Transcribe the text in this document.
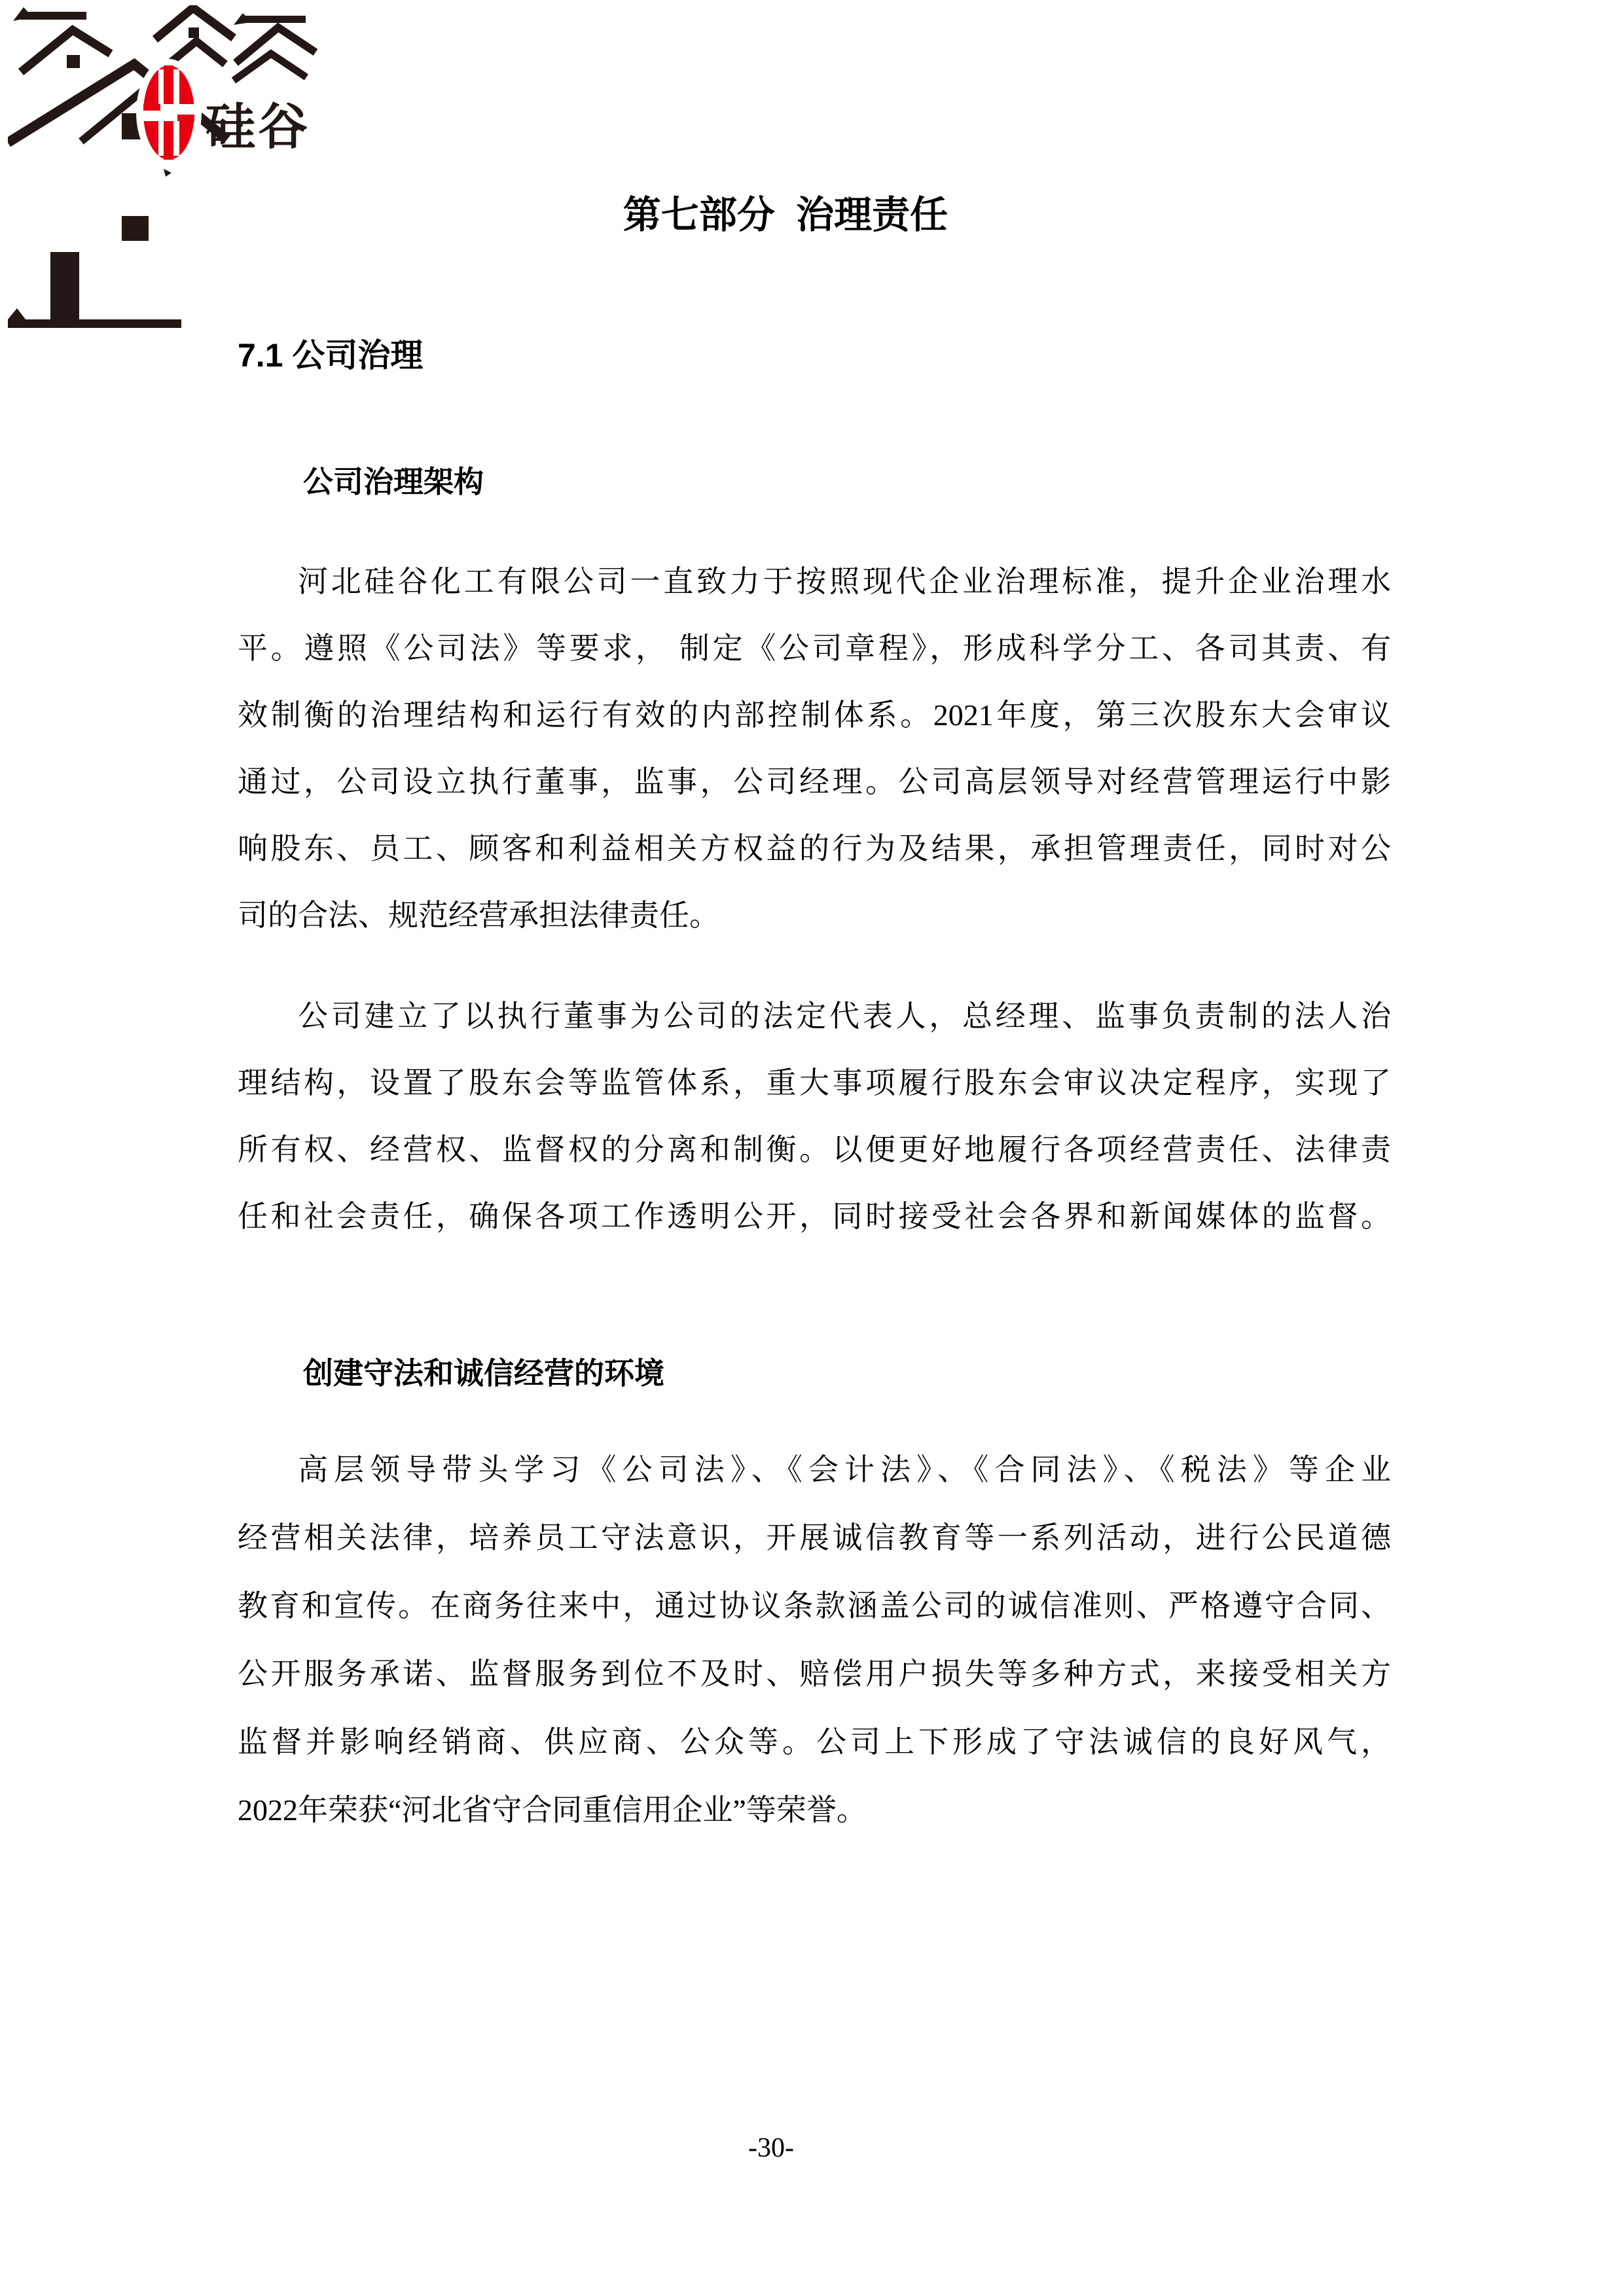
硅谷
第七部分  治理责任
7.1 公司治理
公司治理架构
河北硅谷化工有限公司一直致力于按照现代企业治理标准，提升企业治理水
平。遵照《公司法》等要求， 制定《公司章程》，形成科学分工、各司其责、有
效制衡的治理结构和运行有效的内部控制体系。2021年度，第三次股东大会审议
通过，公司设立执行董事，监事，公司经理。公司高层领导对经营管理运行中影
响股东、员工、顾客和利益相关方权益的行为及结果，承担管理责任，同时对公
司的合法、规范经营承担法律责任。
公司建立了以执行董事为公司的法定代表人，总经理、监事负责制的法人治
理结构，设置了股东会等监管体系，重大事项履行股东会审议决定程序，实现了
所有权、经营权、监督权的分离和制衡。以便更好地履行各项经营责任、法律责
任和社会责任，确保各项工作透明公开，同时接受社会各界和新闻媒体的监督。
创建守法和诚信经营的环境
高层领导带头学习《公司法》、《会计法》、《合同法》、《税法》等企业
经营相关法律，培养员工守法意识，开展诚信教育等一系列活动，进行公民道德
教育和宣传。在商务往来中，通过协议条款涵盖公司的诚信准则、严格遵守合同、
公开服务承诺、监督服务到位不及时、赔偿用户损失等多种方式，来接受相关方
监督并影响经销商、供应商、公众等。公司上下形成了守法诚信的良好风气，
2022年荣获“河北省守合同重信用企业”等荣誉。
-30-
